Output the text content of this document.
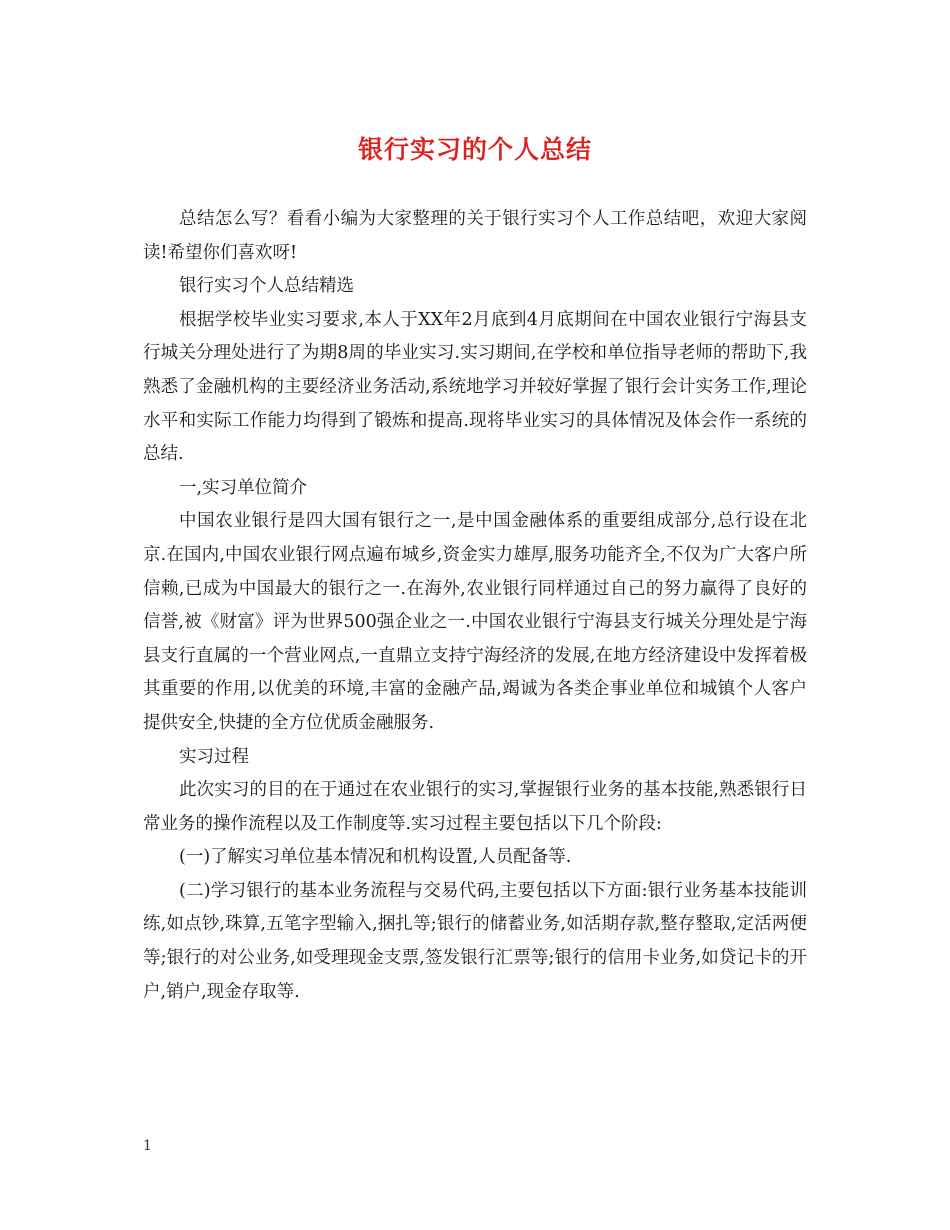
银行实习的个人总结

总结怎么写？看看小编为大家整理的关于银行实习个人工作总结吧，欢迎大家阅读!希望你们喜欢呀!

银行实习个人总结精选

根据学校毕业实习要求,本人于XX年2月底到4月底期间在中国农业银行宁海县支行城关分理处进行了为期8周的毕业实习.实习期间,在学校和单位指导老师的帮助下,我熟悉了金融机构的主要经济业务活动,系统地学习并较好掌握了银行会计实务工作,理论水平和实际工作能力均得到了锻炼和提高.现将毕业实习的具体情况及体会作一系统的总结.

一,实习单位简介

中国农业银行是四大国有银行之一,是中国金融体系的重要组成部分,总行设在北京.在国内,中国农业银行网点遍布城乡,资金实力雄厚,服务功能齐全,不仅为广大客户所信赖,已成为中国最大的银行之一.在海外,农业银行同样通过自己的努力赢得了良好的信誉,被《财富》评为世界500强企业之一.中国农业银行宁海县支行城关分理处是宁海县支行直属的一个营业网点,一直鼎立支持宁海经济的发展,在地方经济建设中发挥着极其重要的作用,以优美的环境,丰富的金融产品,竭诚为各类企事业单位和城镇个人客户提供安全,快捷的全方位优质金融服务.

实习过程

此次实习的目的在于通过在农业银行的实习,掌握银行业务的基本技能,熟悉银行日常业务的操作流程以及工作制度等.实习过程主要包括以下几个阶段:

(一)了解实习单位基本情况和机构设置,人员配备等.

(二)学习银行的基本业务流程与交易代码,主要包括以下方面:银行业务基本技能训练,如点钞,珠算,五笔字型输入,捆扎等;银行的储蓄业务,如活期存款,整存整取,定活两便等;银行的对公业务,如受理现金支票,签发银行汇票等;银行的信用卡业务,如贷记卡的开户,销户,现金存取等.

1
